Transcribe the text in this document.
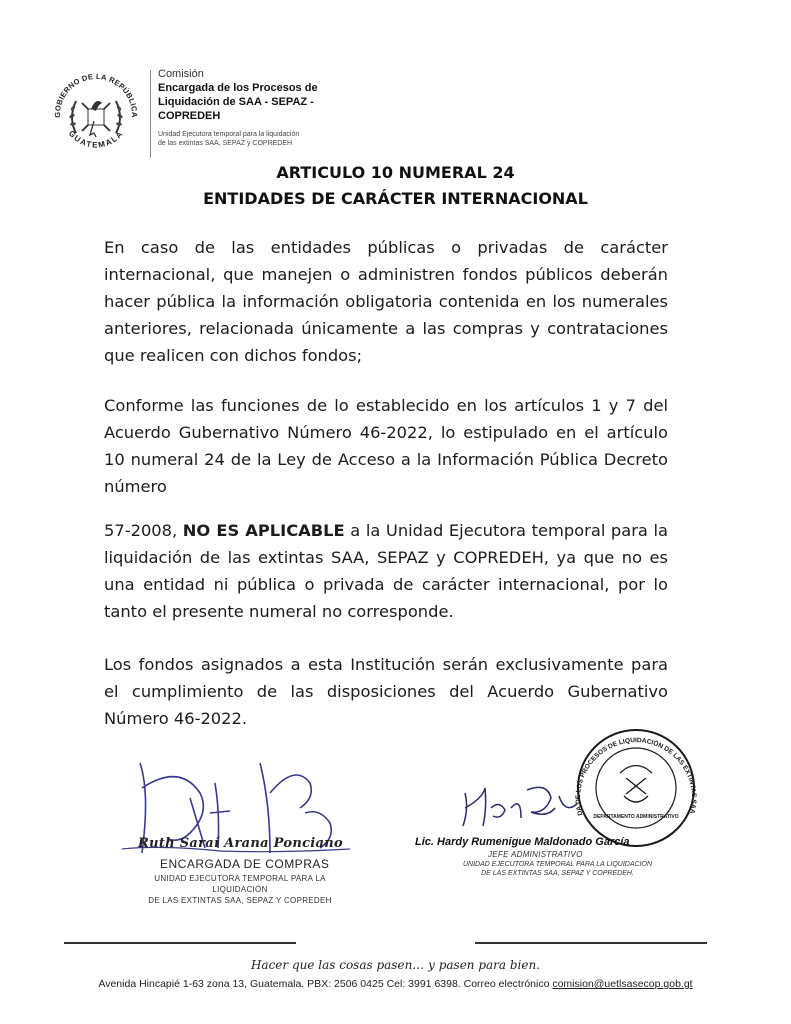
GOBIERNO DE LA REPÚBLICA
GUATEMALA
Comisión
Encargada de los Procesos de
Liquidación de SAA - SEPAZ -
COPREDEH
Unidad Ejecutora temporal para la liquidación
de las extintas SAA, SEPAZ y COPREDEH
ARTICULO 10 NUMERAL 24
ENTIDADES DE CARÁCTER INTERNACIONAL
En caso de las entidades públicas o privadas de carácter internacional, que manejen o administren fondos públicos deberán hacer pública la información obligatoria contenida en los numerales anteriores, relacionada únicamente a las compras y contrataciones que realicen con dichos fondos;
Conforme las funciones de lo establecido en los artículos 1 y 7 del Acuerdo Gubernativo Número 46-2022, lo estipulado en el artículo 10 numeral 24 de la Ley de Acceso a la Información Pública Decreto número
57-2008, NO ES APLICABLE a la Unidad Ejecutora temporal para la liquidación de las extintas SAA, SEPAZ y COPREDEH, ya que no es una entidad ni pública o privada de carácter internacional, por lo tanto el presente numeral no corresponde.
Los fondos asignados a esta Institución serán exclusivamente para el cumplimiento de las disposiciones del Acuerdo Gubernativo Número 46-2022.
Ruth Saraí Arana Ponciano
ENCARGADA DE COMPRAS
UNIDAD EJECUTORA TEMPORAL PARA LA LIQUIDACIÓN
DE LAS EXTINTAS SAA, SEPAZ Y COPREDEH
DA DE LOS PROCESOS DE LIQUIDACIÓN DE LAS EXTINTAS SAA
DEPARTAMENTO ADMINISTRATIVO
Lic. Hardy Rumenigue Maldonado García
JEFE ADMINISTRATIVO
UNIDAD EJECUTORA TEMPORAL PARA LA LIQUIDACIÓN
DE LAS EXTINTAS SAA, SEPAZ Y COPREDEH.
Hacer que las cosas pasen… y pasen para bien.
Avenida Hincapié 1-63 zona 13, Guatemala. PBX: 2506 0425 Cel: 3991 6398. Correo electrónico comision@uetlsasecop.gob.gt
